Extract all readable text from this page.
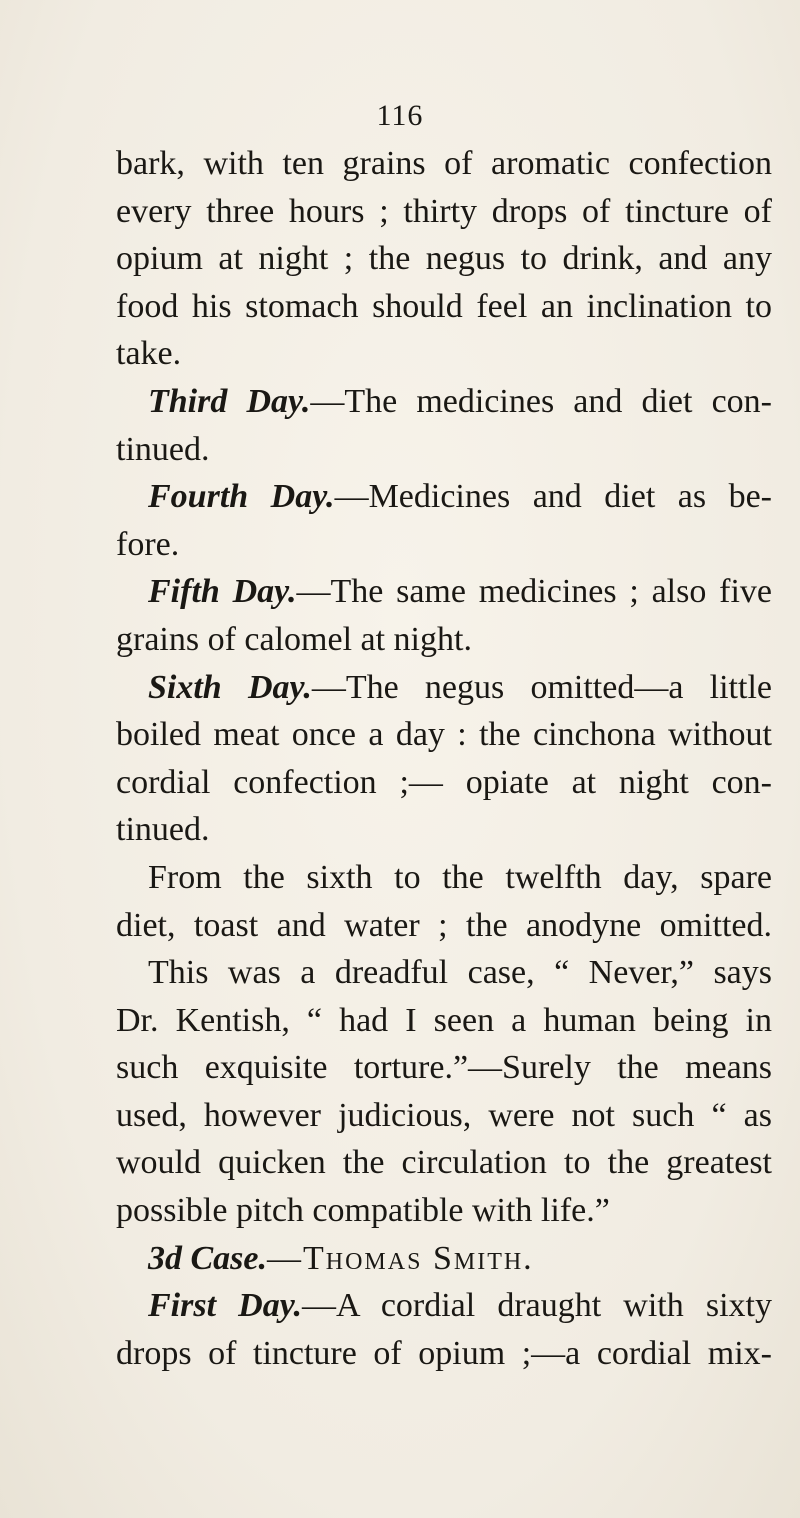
116
bark, with ten grains of aromatic confection
every three hours ; thirty drops of tincture of
opium at night ; the negus to drink, and any
food his stomach should feel an inclination to
take.
Third Day.—The medicines and diet con-
tinued.
Fourth Day.—Medicines and diet as be-
fore.
Fifth Day.—The same medicines ; also five
grains of calomel at night.
Sixth Day.—The negus omitted—a little
boiled meat once a day : the cinchona without
cordial confection ;— opiate at night con-
tinued.
From the sixth to the twelfth day, spare
diet, toast and water ; the anodyne omitted.
This was a dreadful case, “ Never,” says
Dr. Kentish, “ had I seen a human being in
such exquisite torture.”—Surely the means
used, however judicious, were not such “ as
would quicken the circulation to the greatest
possible pitch compatible with life.”
3d Case.—Thomas Smith.
First Day.—A cordial draught with sixty
drops of tincture of opium ;—a cordial mix-
